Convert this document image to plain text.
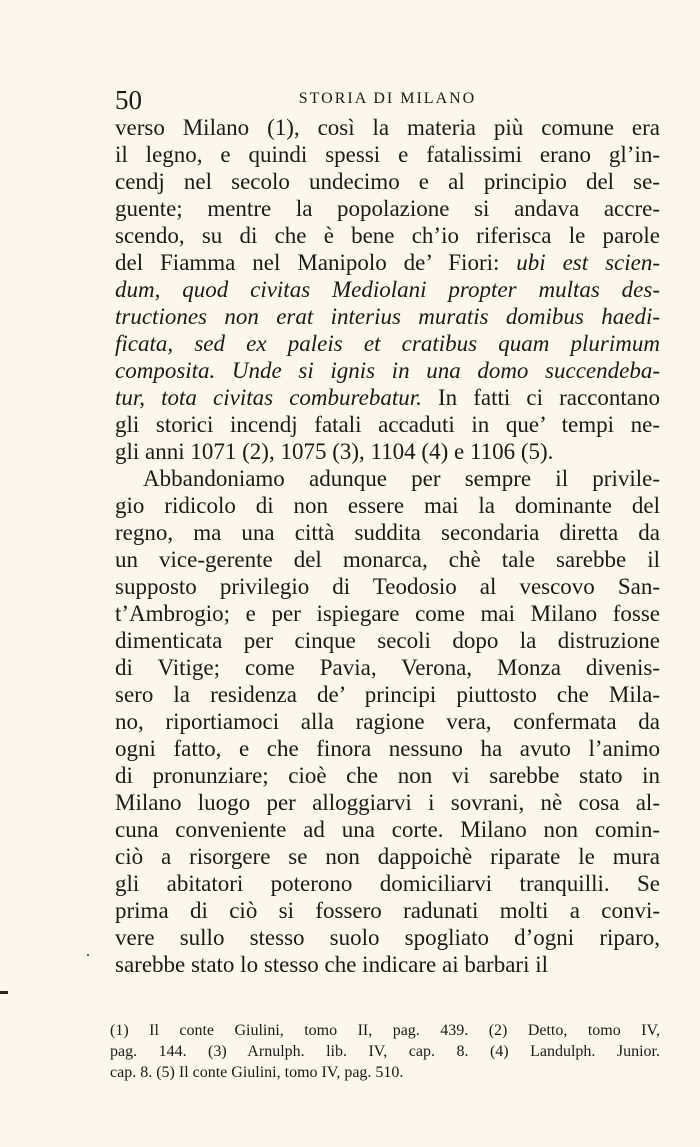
50	STORIA DI MILANO
verso Milano (1), così la materia più comune era
il legno, e quindi spessi e fatalissimi erano gl’in-
cendj nel secolo undecimo e al principio del se-
guente; mentre la popolazione si andava accre-
scendo, su di che è bene ch’io riferisca le parole
del Fiamma nel Manipolo de’ Fiori: ubi est scien-
dum, quod civitas Mediolani propter multas des-
tructiones non erat interius muratis domibus haedi-
ficata, sed ex paleis et cratibus quam plurimum
composita. Unde si ignis in una domo succendeba-
tur, tota civitas comburebatur. In fatti ci raccontano
gli storici incendj fatali accaduti in que’ tempi ne-
gli anni 1071 (2), 1075 (3), 1104 (4) e 1106 (5).
Abbandoniamo adunque per sempre il privile-
gio ridicolo di non essere mai la dominante del
regno, ma una città suddita secondaria diretta da
un vice-gerente del monarca, chè tale sarebbe il
supposto privilegio di Teodosio al vescovo San-
t’Ambrogio; e per ispiegare come mai Milano fosse
dimenticata per cinque secoli dopo la distruzione
di Vitige; come Pavia, Verona, Monza divenis-
sero la residenza de’ principi piuttosto che Mila-
no, riportiamoci alla ragione vera, confermata da
ogni fatto, e che finora nessuno ha avuto l’animo
di pronunziare; cioè che non vi sarebbe stato in
Milano luogo per alloggiarvi i sovrani, nè cosa al-
cuna conveniente ad una corte. Milano non comin-
ciò a risorgere se non dappoichè riparate le mura
gli abitatori poterono domiciliarvi tranquilli. Se
prima di ciò si fossero radunati molti a convi-
vere sullo stesso suolo spogliato d’ogni riparo,
sarebbe stato lo stesso che indicare ai barbari il
.
(1) Il conte Giulini, tomo II, pag. 439. (2) Detto, tomo IV,
pag. 144. (3) Arnulph. lib. IV, cap. 8. (4) Landulph. Junior.
cap. 8. (5) Il conte Giulini, tomo IV, pag. 510.
